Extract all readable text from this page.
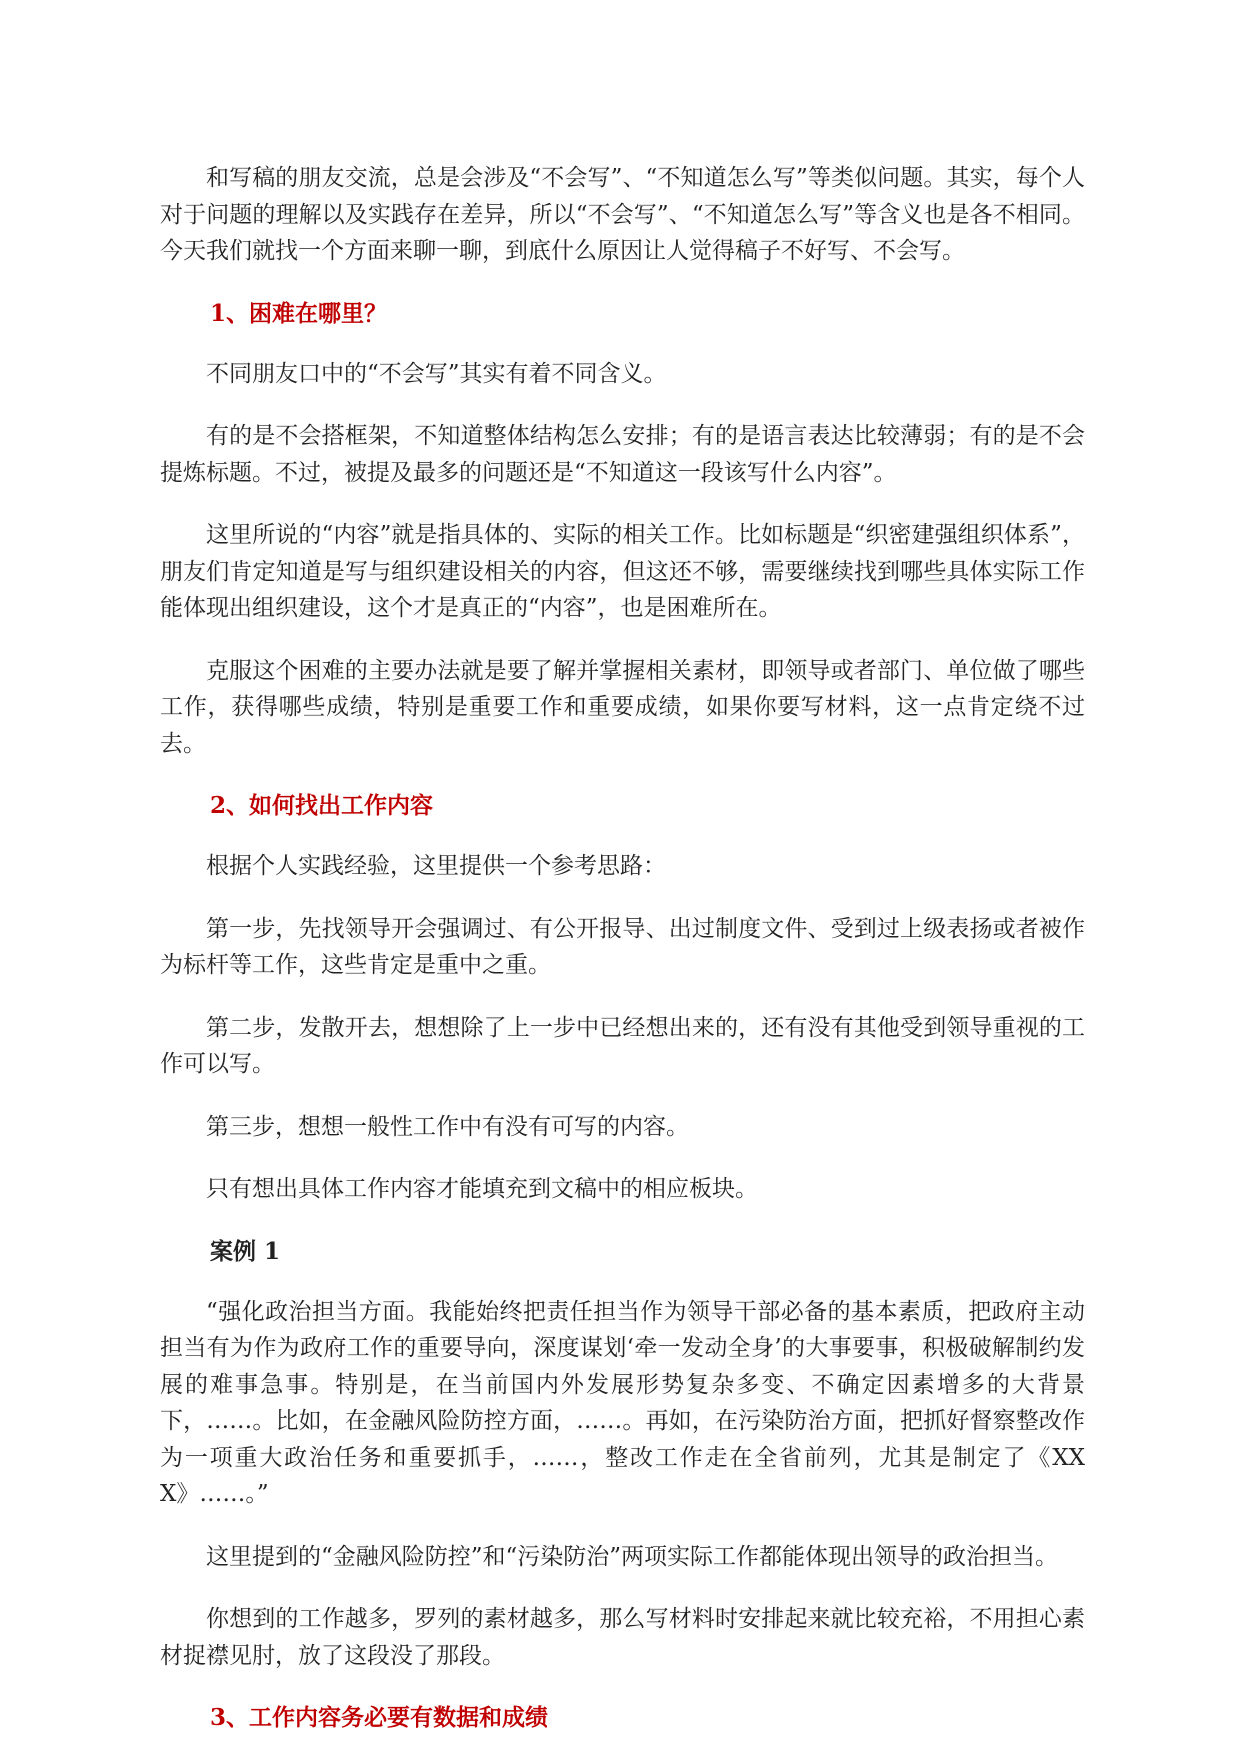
和写稿的朋友交流，总是会涉及“不会写”、“不知道怎么写”等类似问题。其实，每个人对于问题的理解以及实践存在差异，所以“不会写”、“不知道怎么写”等含义也是各不相同。今天我们就找一个方面来聊一聊，到底什么原因让人觉得稿子不好写、不会写。

1、困难在哪里？

不同朋友口中的“不会写”其实有着不同含义。

有的是不会搭框架，不知道整体结构怎么安排；有的是语言表达比较薄弱；有的是不会提炼标题。不过，被提及最多的问题还是“不知道这一段该写什么内容”。

这里所说的“内容”就是指具体的、实际的相关工作。比如标题是“织密建强组织体系”，朋友们肯定知道是写与组织建设相关的内容，但这还不够，需要继续找到哪些具体实际工作能体现出组织建设，这个才是真正的“内容”，也是困难所在。

克服这个困难的主要办法就是要了解并掌握相关素材，即领导或者部门、单位做了哪些工作，获得哪些成绩，特别是重要工作和重要成绩，如果你要写材料，这一点肯定绕不过去。

2、如何找出工作内容

根据个人实践经验，这里提供一个参考思路：

第一步，先找领导开会强调过、有公开报导、出过制度文件、受到过上级表扬或者被作为标杆等工作，这些肯定是重中之重。

第二步，发散开去，想想除了上一步中已经想出来的，还有没有其他受到领导重视的工作可以写。

第三步，想想一般性工作中有没有可写的内容。

只有想出具体工作内容才能填充到文稿中的相应板块。

案例 1

“强化政治担当方面。我能始终把责任担当作为领导干部必备的基本素质，把政府主动担当有为作为政府工作的重要导向，深度谋划‘牵一发动全身’的大事要事，积极破解制约发展的难事急事。特别是，在当前国内外发展形势复杂多变、不确定因素增多的大背景下，……。比如，在金融风险防控方面，……。再如，在污染防治方面，把抓好督察整改作为一项重大政治任务和重要抓手，……，整改工作走在全省前列，尤其是制定了《XXX》……。”

这里提到的“金融风险防控”和“污染防治”两项实际工作都能体现出领导的政治担当。

你想到的工作越多，罗列的素材越多，那么写材料时安排起来就比较充裕，不用担心素材捉襟见肘，放了这段没了那段。

3、工作内容务必要有数据和成绩
